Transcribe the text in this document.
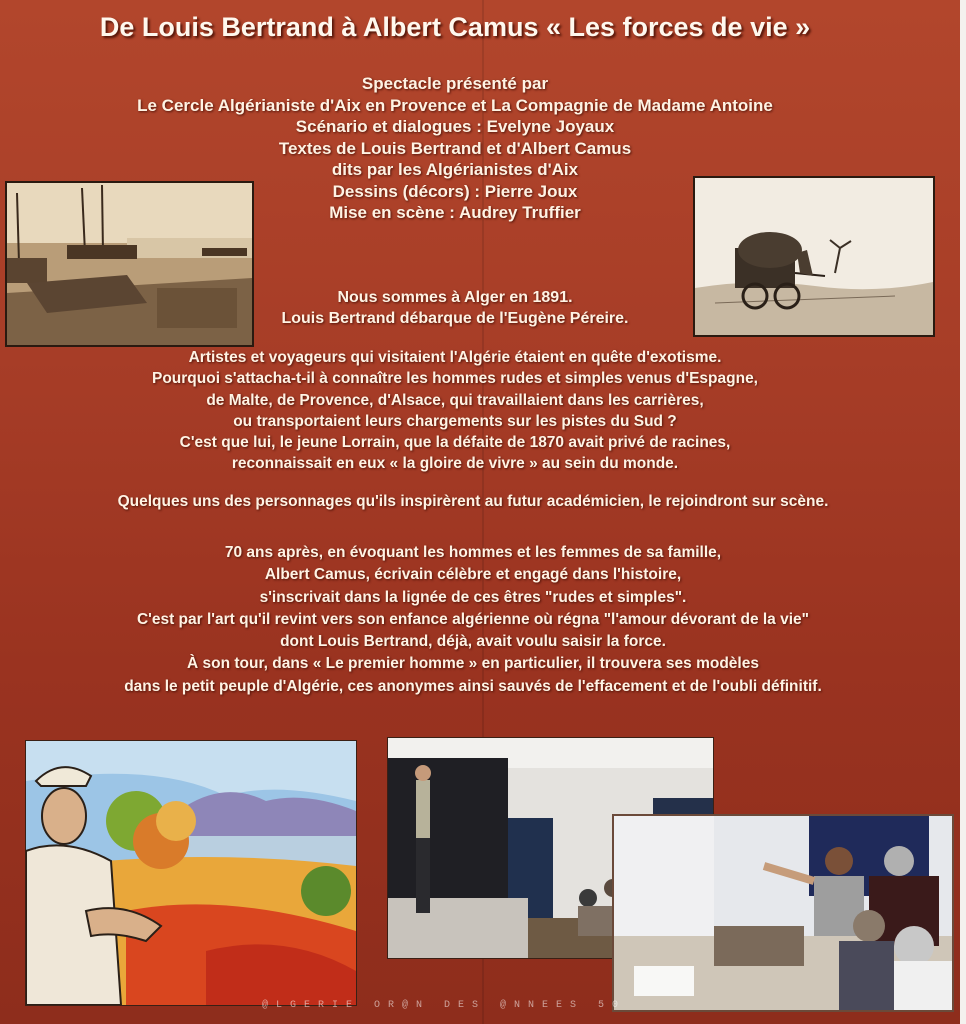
De Louis Bertrand à Albert Camus « Les forces de vie »
Spectacle présenté par
Le Cercle Algérianiste d'Aix en Provence et La Compagnie de Madame Antoine
Scénario et dialogues : Evelyne Joyaux
Textes de Louis Bertrand et d'Albert Camus
dits par les Algérianistes d'Aix
Dessins (décors) : Pierre Joux
Mise en scène : Audrey Truffier
Nous sommes à Alger en 1891.
Louis Bertrand débarque de l'Eugène Péreire.
Artistes et voyageurs qui visitaient l'Algérie étaient en quête d'exotisme.
Pourquoi s'attacha-t-il à connaître les hommes rudes et simples venus d'Espagne,
de Malte, de Provence, d'Alsace, qui travaillaient dans les carrières,
ou transportaient leurs chargements sur les pistes du Sud ?
C'est que lui, le jeune Lorrain, que la défaite de 1870 avait privé de racines,
reconnaissait en eux « la gloire de vivre » au sein du monde.
Quelques uns des personnages qu'ils inspirèrent au futur académicien, le rejoindront sur scène.
70 ans après, en évoquant les hommes et les femmes de sa famille,
Albert Camus, écrivain célèbre et engagé dans l'histoire,
s'inscrivait dans la lignée de ces êtres "rudes et simples".
C'est par l'art qu'il revint vers son enfance algérienne où régna "l'amour dévorant de la vie"
dont Louis Bertrand, déjà, avait voulu saisir la force.
À son tour, dans « Le premier homme » en particulier, il trouvera ses modèles
dans le petit peuple d'Algérie, ces anonymes ainsi sauvés de l'effacement et de l'oubli définitif.
@LGERIE OR@N DES @NNEES 50
